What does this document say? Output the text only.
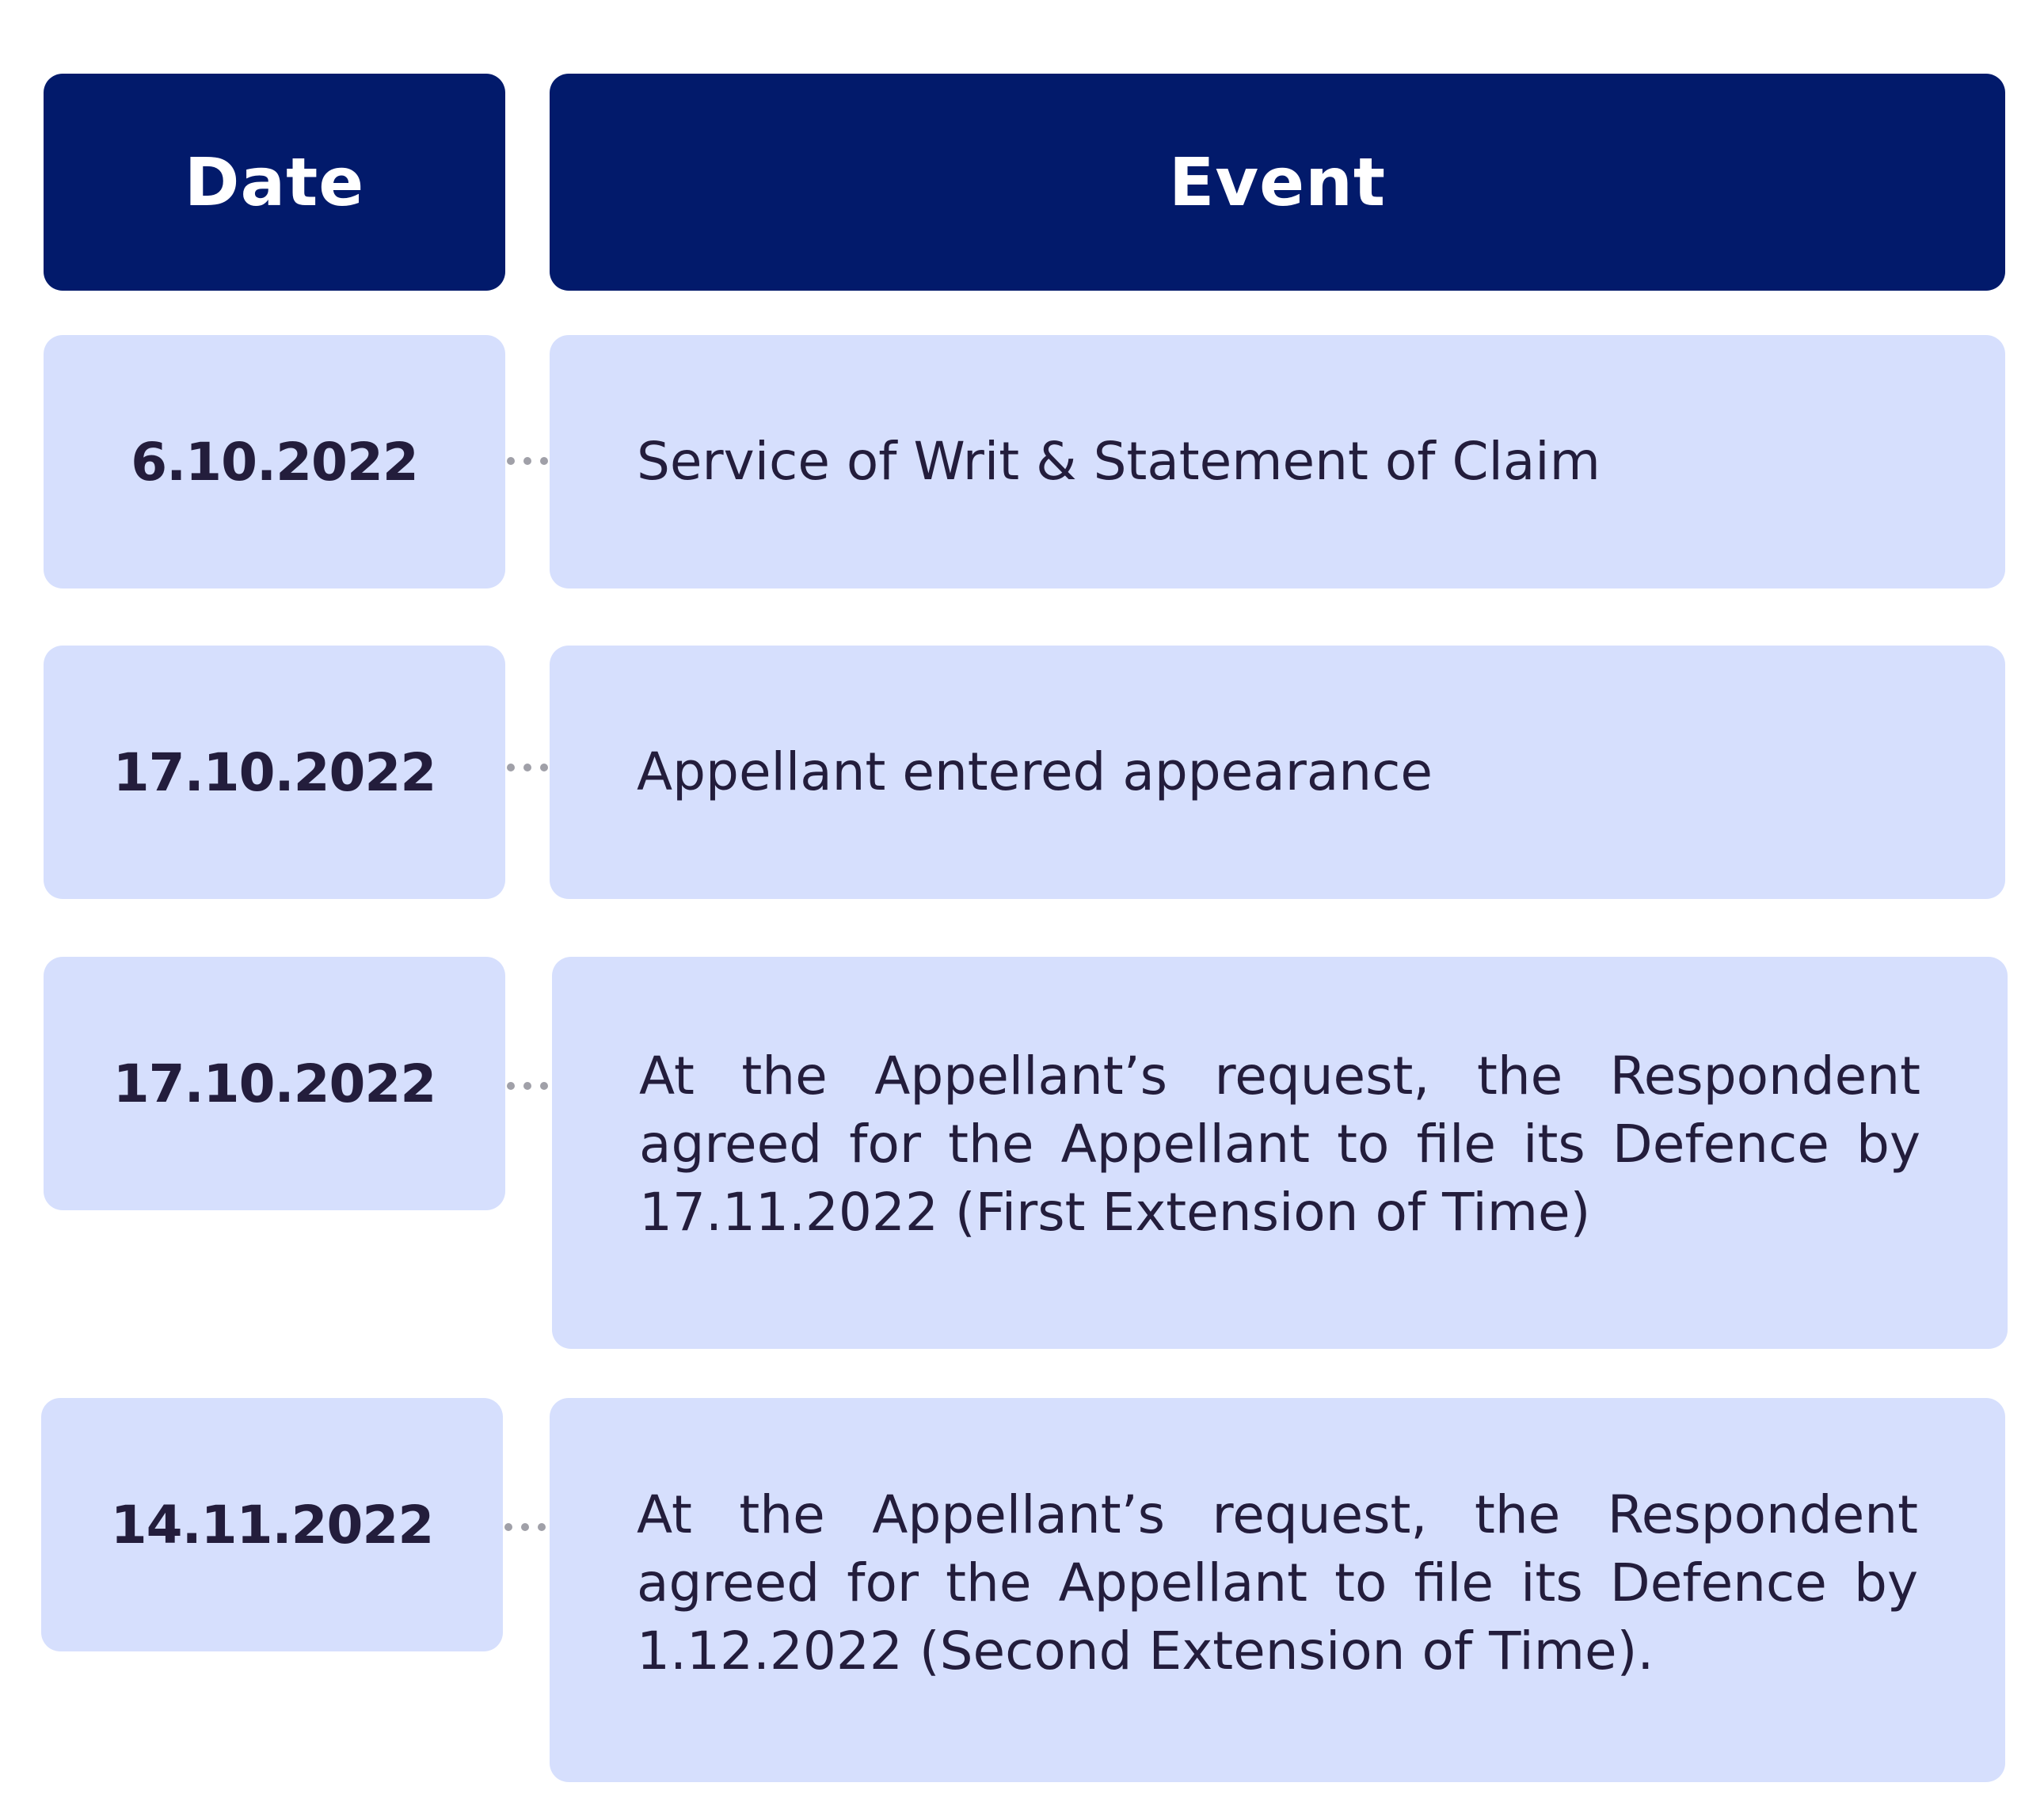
Date	Event
6.10.2022	Service of Writ & Statement of Claim
17.10.2022	Appellant entered appearance
17.10.2022	At the Appellant’s request, the Respondent agreed for the Appellant to file its Defence by 17.11.2022 (First Extension of Time)
14.11.2022	At the Appellant’s request, the Respondent agreed for the Appellant to file its Defence by 1.12.2022 (Second Extension of Time).
